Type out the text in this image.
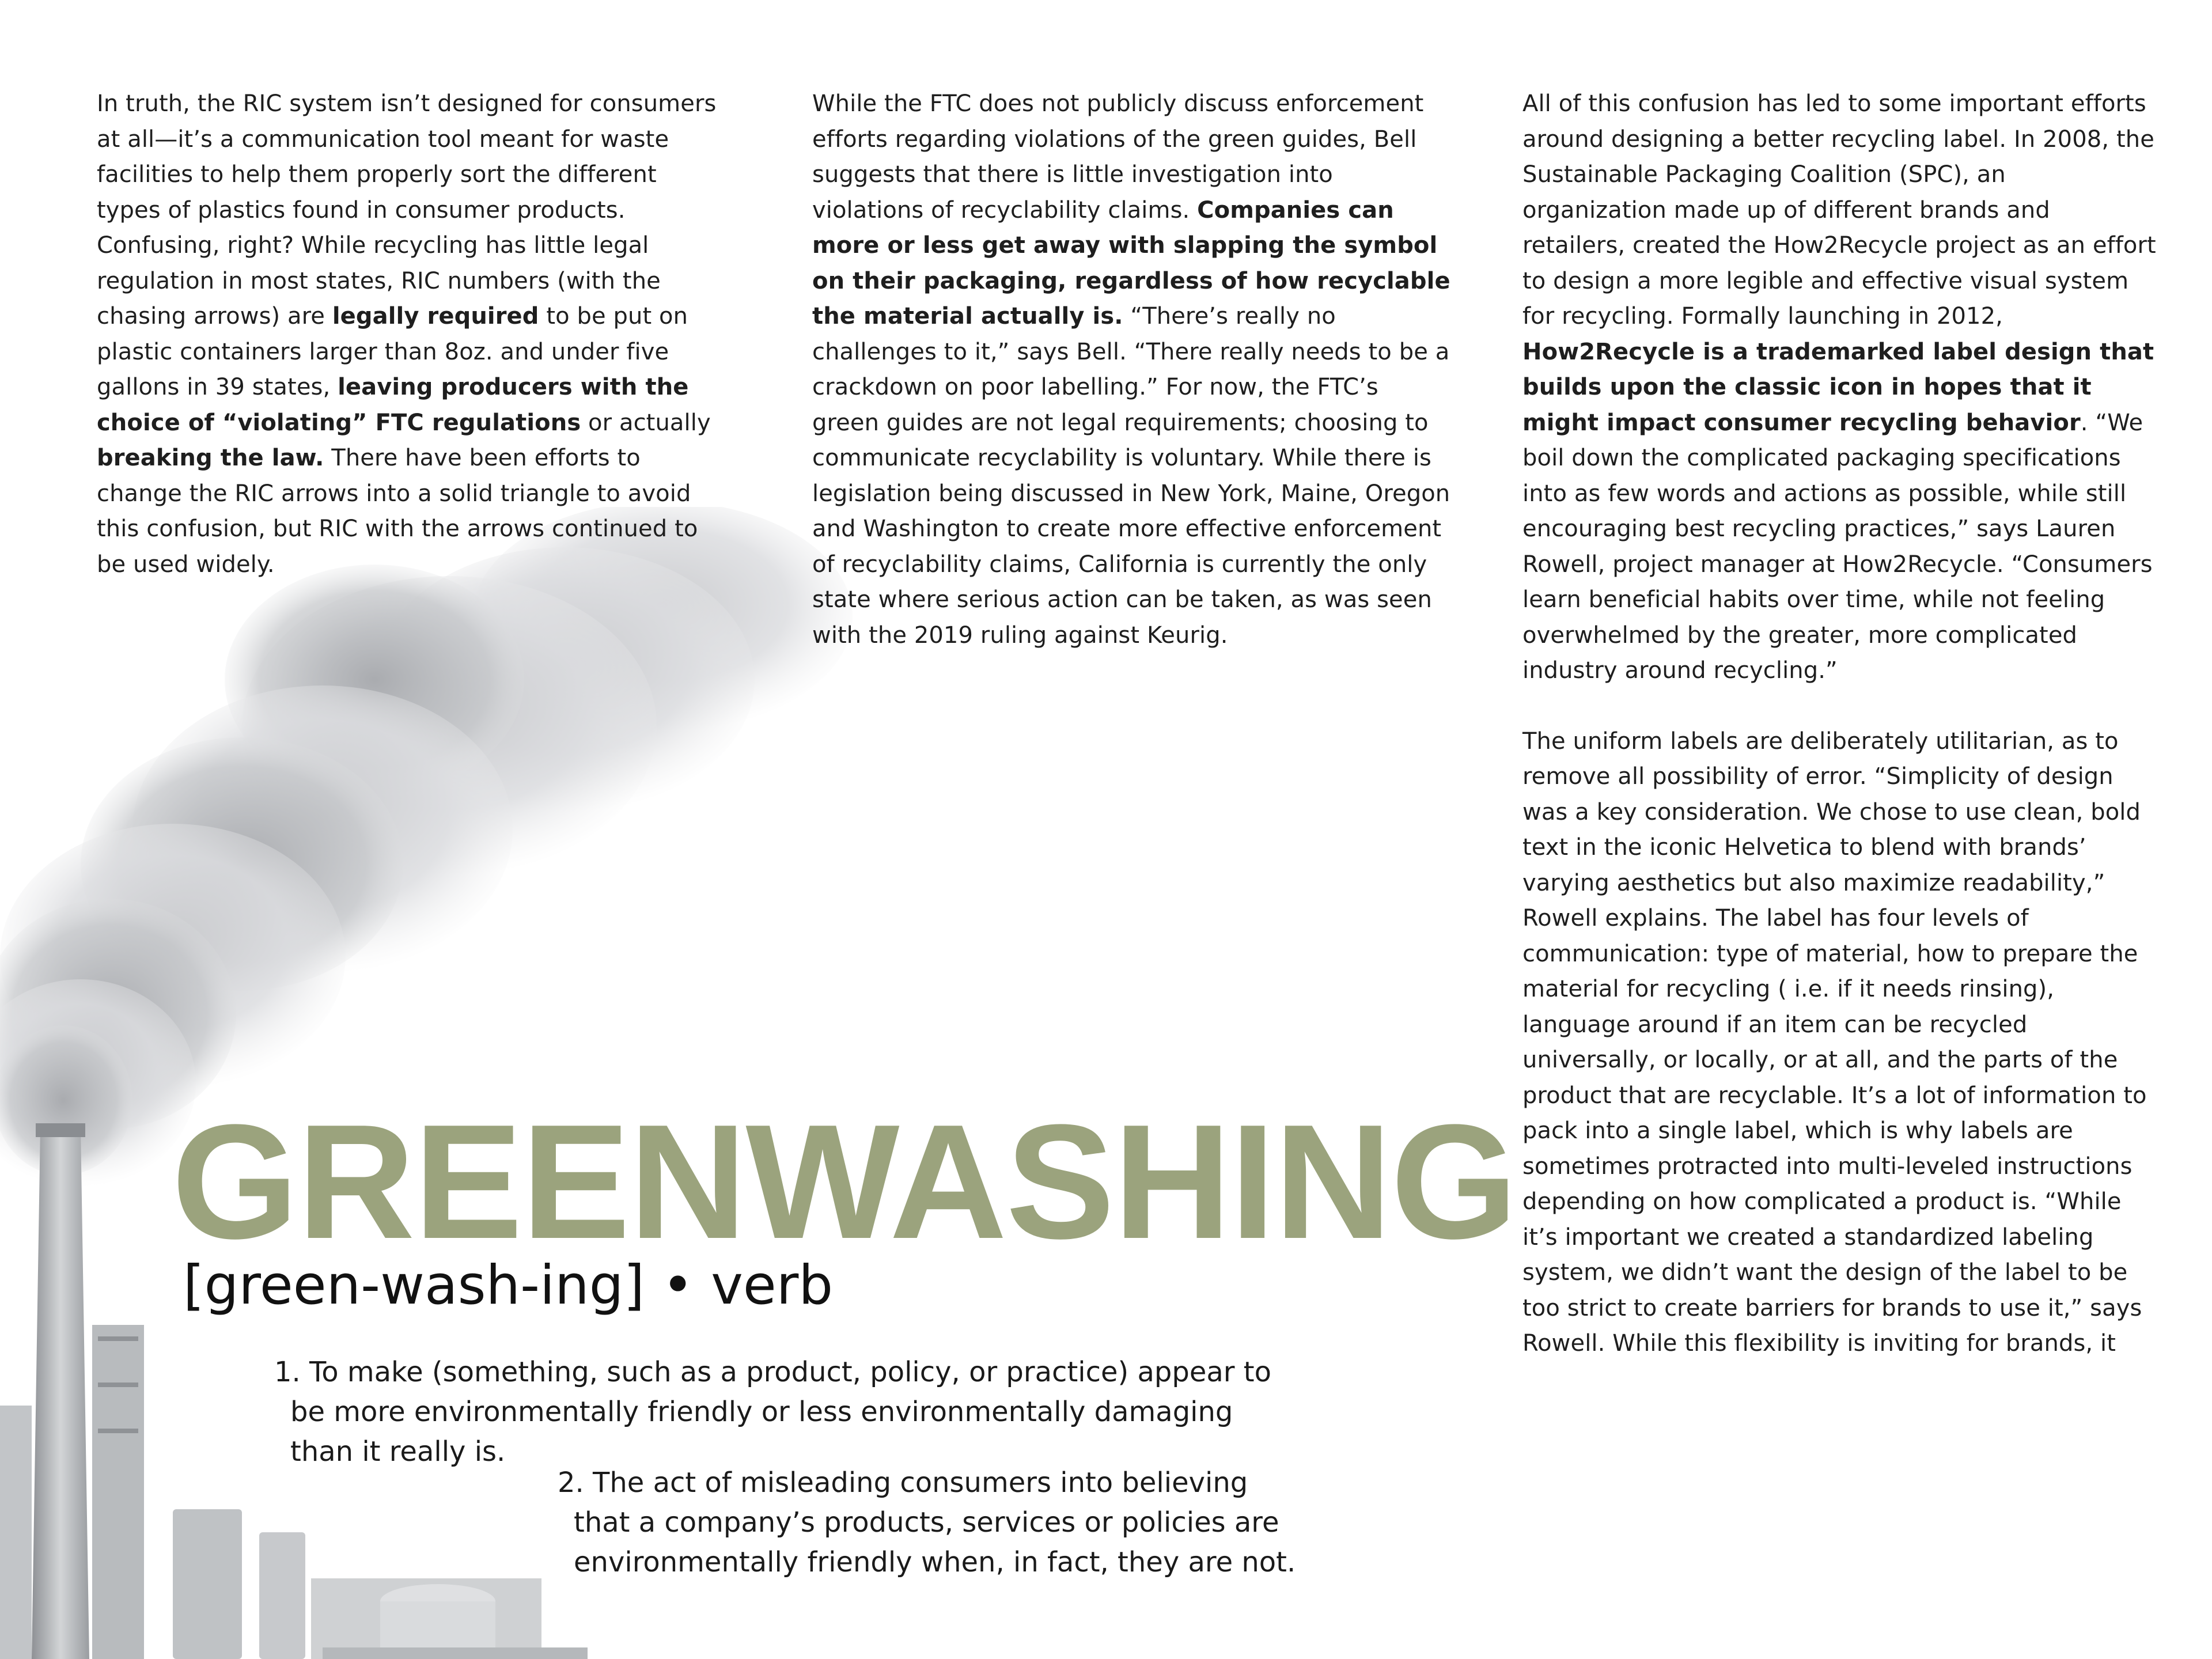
In truth, the RIC system isn’t designed for consumers at all—it’s a communication tool meant for waste facilities to help them properly sort the different types of plastics found in consumer products. Confusing, right? While recycling has little legal regulation in most states, RIC numbers (with the chasing arrows) are legally required to be put on plastic containers larger than 8oz. and under five gallons in 39 states, leaving producers with the choice of “violating” FTC regulations or actually breaking the law. There have been efforts to change the RIC arrows into a solid triangle to avoid this confusion, but RIC with the arrows continued to be used widely.

While the FTC does not publicly discuss enforcement efforts regarding violations of the green guides, Bell suggests that there is little investigation into violations of recyclability claims. Companies can more or less get away with slapping the symbol on their packaging, regardless of how recyclable the material actually is. “There’s really no challenges to it,” says Bell. “There really needs to be a crackdown on poor labelling.” For now, the FTC’s green guides are not legal requirements; choosing to communicate recyclability is voluntary. While there is legislation being discussed in New York, Maine, Oregon and Washington to create more effective enforcement of recyclability claims, California is currently the only state where serious action can be taken, as was seen with the 2019 ruling against Keurig.

All of this confusion has led to some important efforts around designing a better recycling label. In 2008, the Sustainable Packaging Coalition (SPC), an organization made up of different brands and retailers, created the How2Recycle project as an effort to design a more legible and effective visual system for recycling. Formally launching in 2012, How2Recycle is a trademarked label design that builds upon the classic icon in hopes that it might impact consumer recycling behavior. “We boil down the complicated packaging specifications into as few words and actions as possible, while still encouraging best recycling practices,” says Lauren Rowell, project manager at How2Recycle. “Consumers learn beneficial habits over time, while not feeling overwhelmed by the greater, more complicated industry around recycling.”

The uniform labels are deliberately utilitarian, as to remove all possibility of error. “Simplicity of design was a key consideration. We chose to use clean, bold text in the iconic Helvetica to blend with brands’ varying aesthetics but also maximize readability,” Rowell explains. The label has four levels of communication: type of material, how to prepare the material for recycling ( i.e. if it needs rinsing), language around if an item can be recycled universally, or locally, or at all, and the parts of the product that are recyclable. It’s a lot of information to pack into a single label, which is why labels are sometimes protracted into multi-leveled instructions depending on how complicated a product is. “While it’s important we created a standardized labeling system, we didn’t want the design of the label to be too strict to create barriers for brands to use it,” says Rowell. While this flexibility is inviting for brands, it

GREENWASHING
[green-wash-ing] • verb

1. To make (something, such as a product, policy, or practice) appear to
be more environmentally friendly or less environmentally damaging than it really is.

2. The act of misleading consumers into believing
that a company’s products, services or policies are environmentally friendly when, in fact, they are not.
